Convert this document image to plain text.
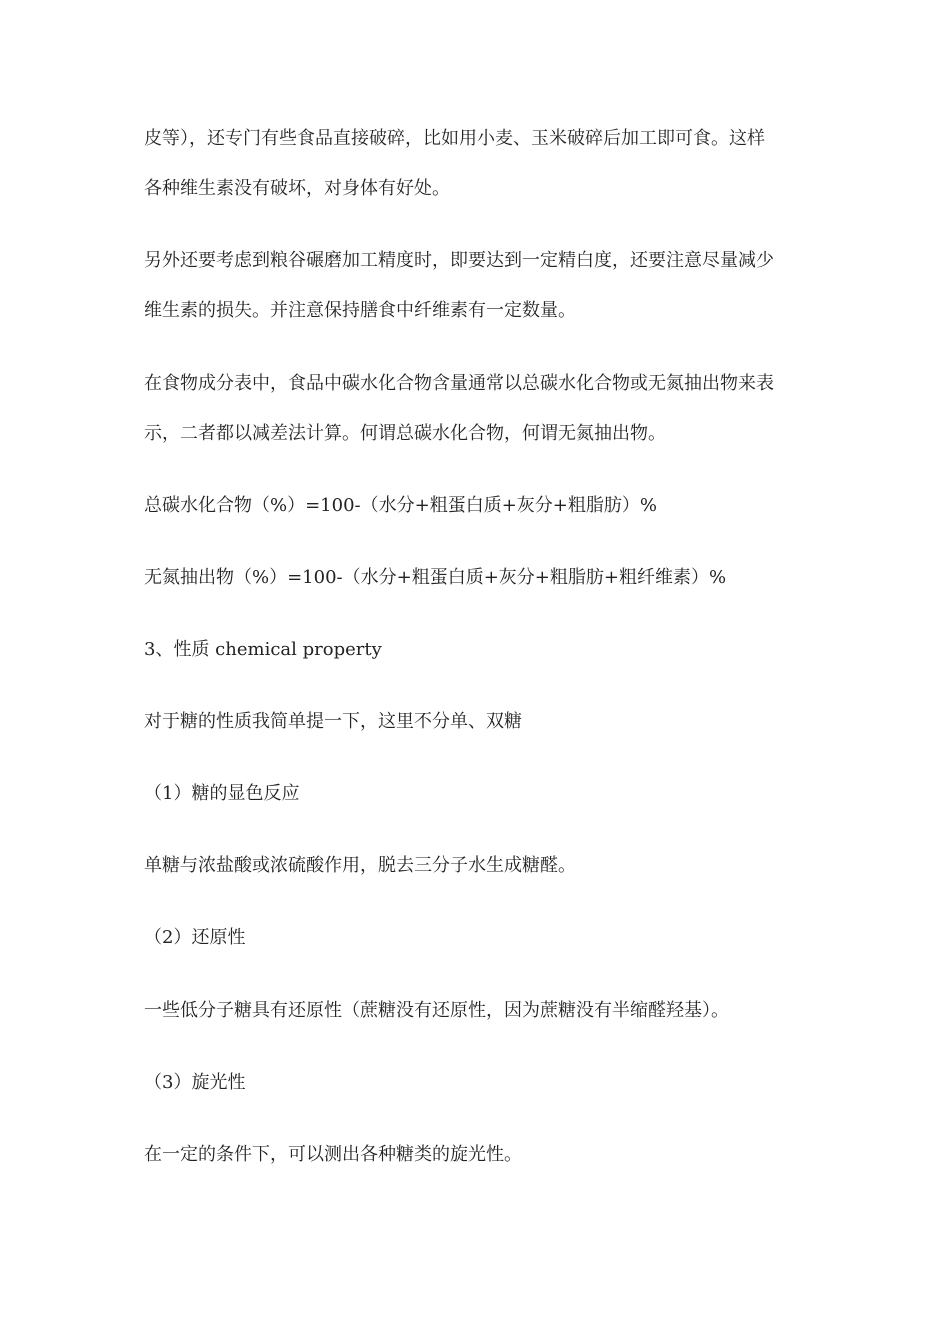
皮等），还专门有些食品直接破碎，比如用小麦、玉米破碎后加工即可食。这样
各种维生素没有破坏，对身体有好处。
另外还要考虑到粮谷碾磨加工精度时，即要达到一定精白度，还要注意尽量减少
维生素的损失。并注意保持膳食中纤维素有一定数量。
在食物成分表中，食品中碳水化合物含量通常以总碳水化合物或无氮抽出物来表
示，二者都以减差法计算。何谓总碳水化合物，何谓无氮抽出物。
总碳水化合物（%）=100-（水分+粗蛋白质+灰分+粗脂肪）%
无氮抽出物（%）=100-（水分+粗蛋白质+灰分+粗脂肪+粗纤维素）%
3、性质 chemical property
对于糖的性质我简单提一下，这里不分单、双糖
（1）糖的显色反应
单糖与浓盐酸或浓硫酸作用，脱去三分子水生成糖醛。
（2）还原性
一些低分子糖具有还原性（蔗糖没有还原性，因为蔗糖没有半缩醛羟基）。
（3）旋光性
在一定的条件下，可以测出各种糖类的旋光性。
